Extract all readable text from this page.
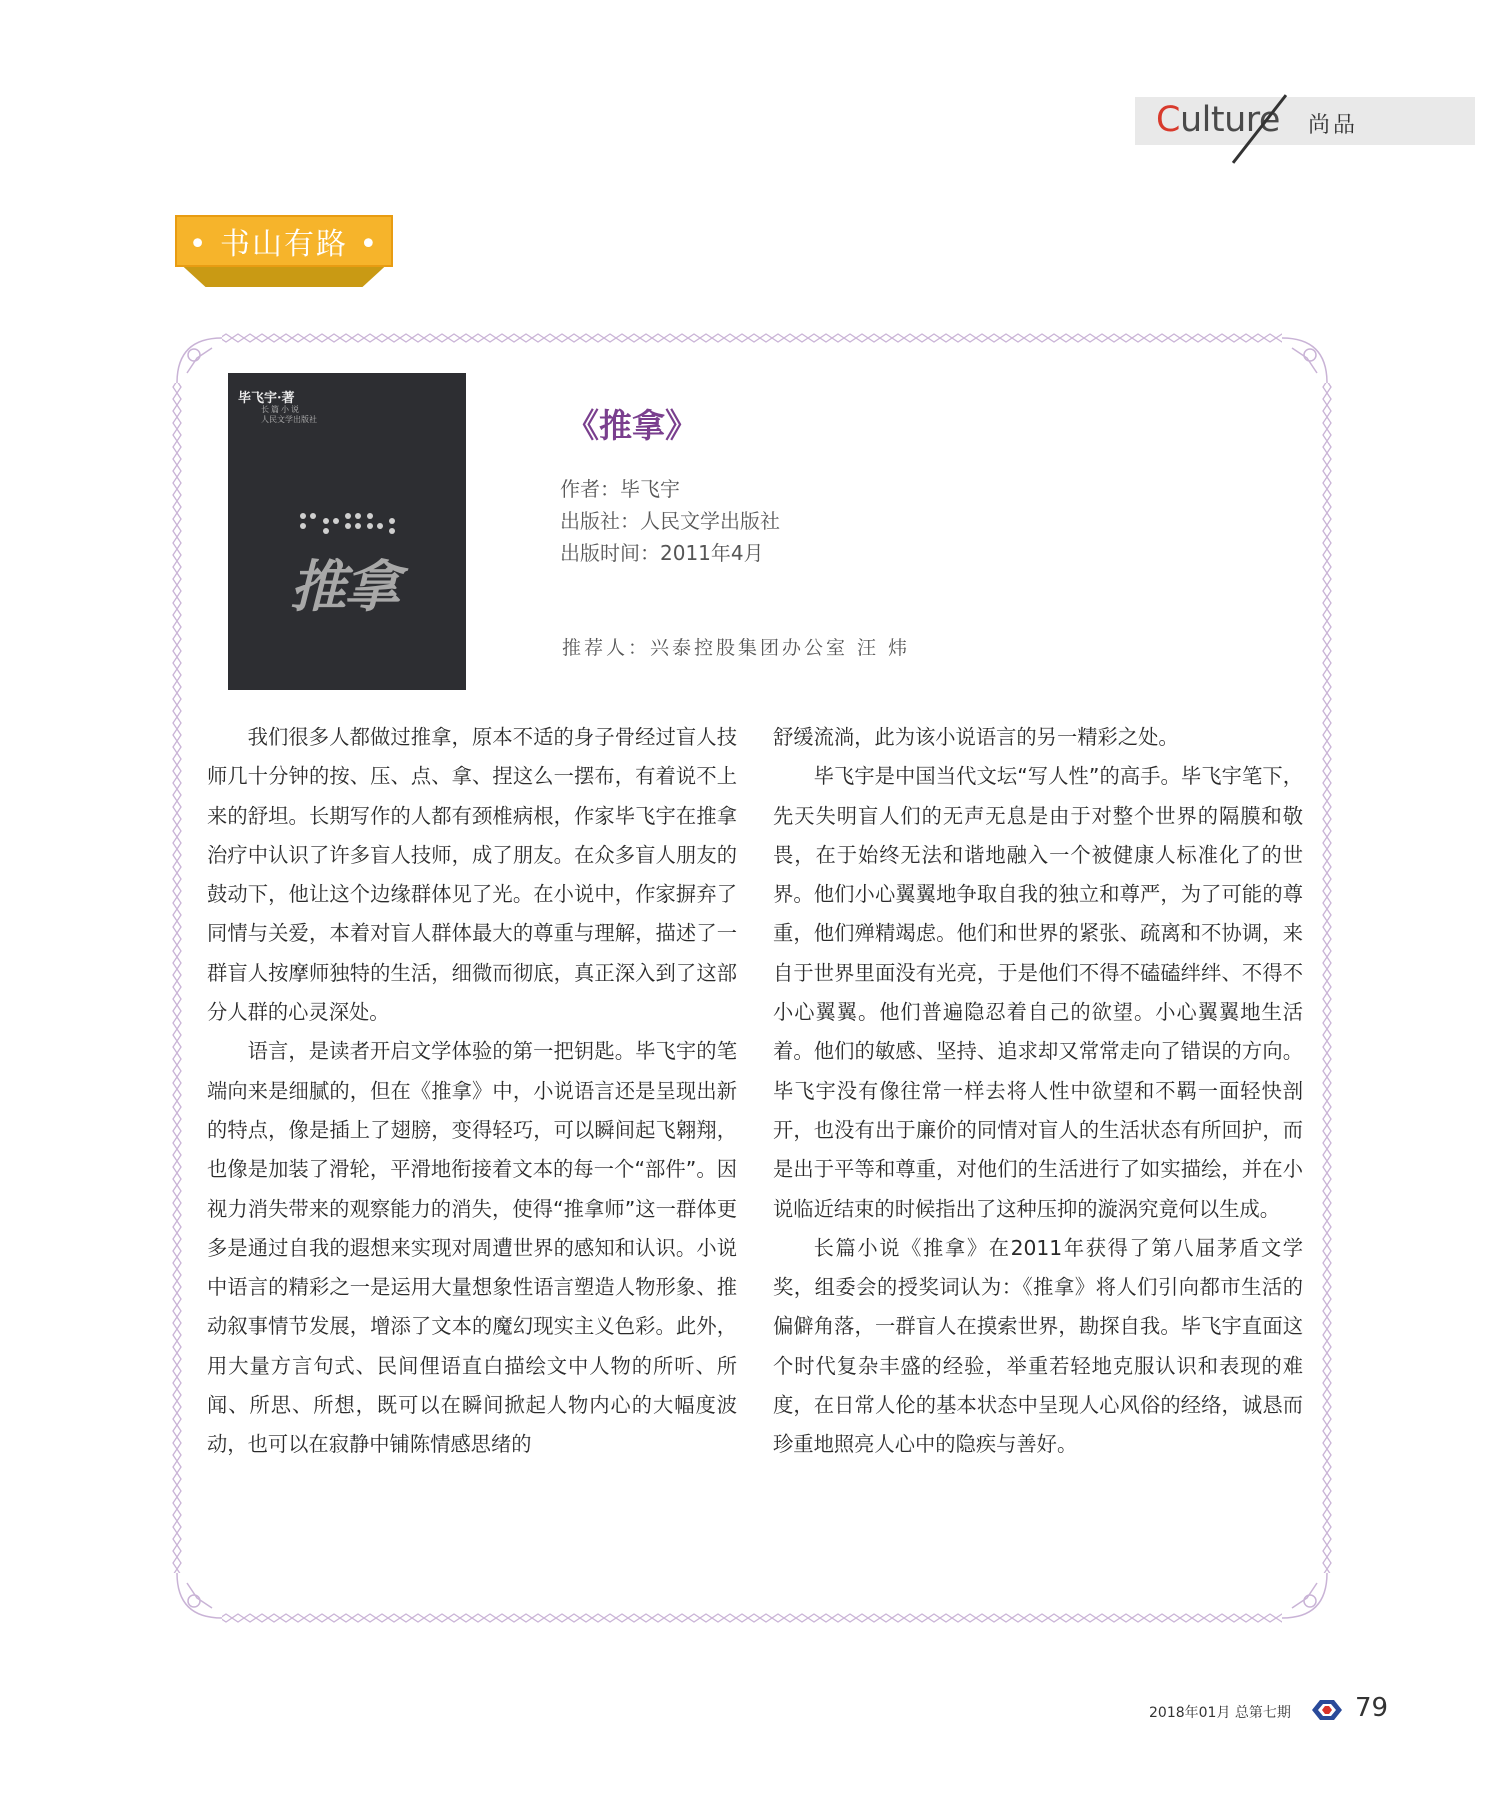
Culture 尚品
• 书山有路 •
毕飞宇·著
长篇小说
人民文学出版社
推拿
《推拿》
作者：毕飞宇
出版社：人民文学出版社
出版时间：2011年4月
推荐人：兴泰控股集团办公室 汪 炜

我们很多人都做过推拿，原本不适的身子骨经过盲人技师几十分钟的按、压、点、拿、捏这么一摆布，有着说不上来的舒坦。长期写作的人都有颈椎病根，作家毕飞宇在推拿治疗中认识了许多盲人技师，成了朋友。在众多盲人朋友的鼓动下，他让这个边缘群体见了光。在小说中，作家摒弃了同情与关爱，本着对盲人群体最大的尊重与理解，描述了一群盲人按摩师独特的生活，细微而彻底，真正深入到了这部分人群的心灵深处。

语言，是读者开启文学体验的第一把钥匙。毕飞宇的笔端向来是细腻的，但在《推拿》中，小说语言还是呈现出新的特点，像是插上了翅膀，变得轻巧，可以瞬间起飞翱翔，也像是加装了滑轮，平滑地衔接着文本的每一个“部件”。因视力消失带来的观察能力的消失，使得“推拿师”这一群体更多是通过自我的遐想来实现对周遭世界的感知和认识。小说中语言的精彩之一是运用大量想象性语言塑造人物形象、推动叙事情节发展，增添了文本的魔幻现实主义色彩。此外，用大量方言句式、民间俚语直白描绘文中人物的所听、所闻、所思、所想，既可以在瞬间掀起人物内心的大幅度波动，也可以在寂静中铺陈情感思绪的

舒缓流淌，此为该小说语言的另一精彩之处。

毕飞宇是中国当代文坛“写人性”的高手。毕飞宇笔下，先天失明盲人们的无声无息是由于对整个世界的隔膜和敬畏，在于始终无法和谐地融入一个被健康人标准化了的世界。他们小心翼翼地争取自我的独立和尊严，为了可能的尊重，他们殚精竭虑。他们和世界的紧张、疏离和不协调，来自于世界里面没有光亮，于是他们不得不磕磕绊绊、不得不小心翼翼。他们普遍隐忍着自己的欲望。小心翼翼地生活着。他们的敏感、坚持、追求却又常常走向了错误的方向。毕飞宇没有像往常一样去将人性中欲望和不羁一面轻快剖开，也没有出于廉价的同情对盲人的生活状态有所回护，而是出于平等和尊重，对他们的生活进行了如实描绘，并在小说临近结束的时候指出了这种压抑的漩涡究竟何以生成。

长篇小说《推拿》在2011年获得了第八届茅盾文学奖，组委会的授奖词认为：《推拿》将人们引向都市生活的偏僻角落，一群盲人在摸索世界，勘探自我。毕飞宇直面这个时代复杂丰盛的经验，举重若轻地克服认识和表现的难度，在日常人伦的基本状态中呈现人心风俗的经络，诚恳而珍重地照亮人心中的隐疾与善好。

2018年01月 总第七期 79
